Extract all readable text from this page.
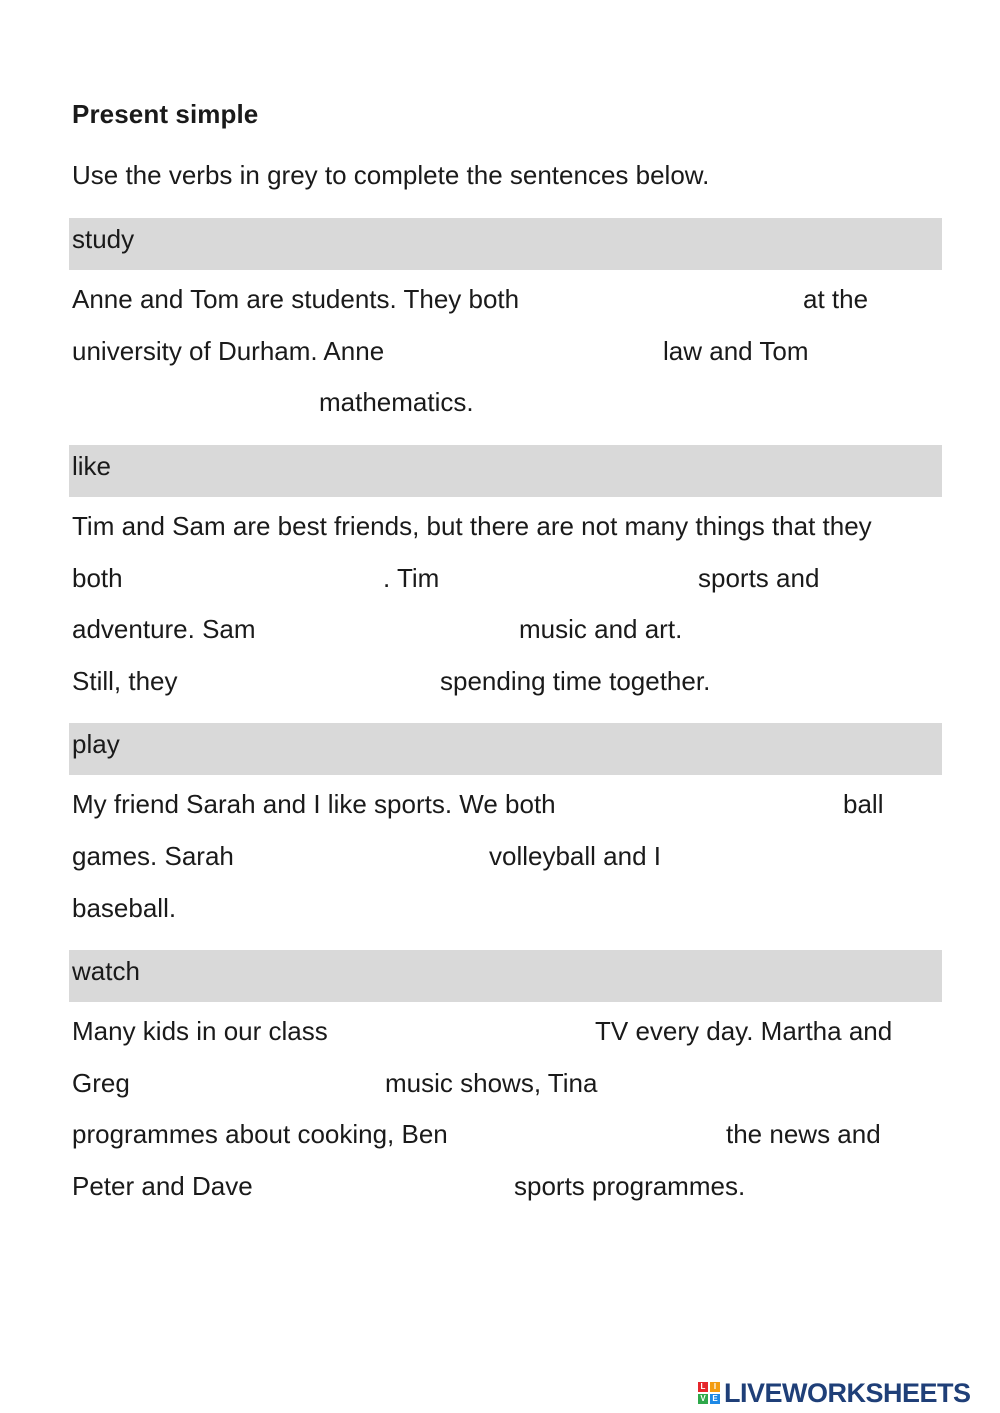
Present simple
Use the verbs in grey to complete the sentences below.
study
Anne and Tom are students. They both	at the
university of Durham. Anne	law and Tom
mathematics.
like
Tim and Sam are best friends, but there are not many things that they
both	. Tim	sports and
adventure. Sam	music and art.
Still, they	spending time together.
play
My friend Sarah and I like sports. We both	ball
games. Sarah	volleyball and I
baseball.
watch
Many kids in our class	TV every day. Martha and
Greg	music shows, Tina
programmes about cooking, Ben	the news and
Peter and Dave	sports programmes.
L	I
V E LIVEWORKSHEETS
